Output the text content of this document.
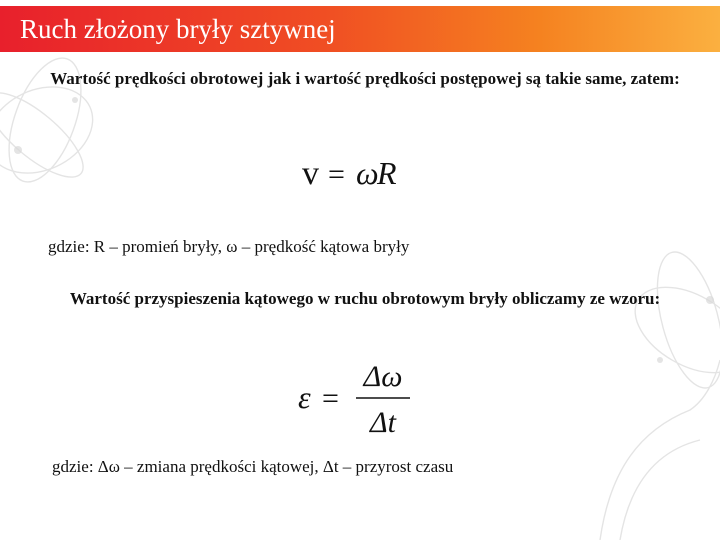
Ruch złożony bryły sztywnej
Wartość prędkości obrotowej jak i wartość prędkości postępowej są takie same, zatem:
v = ω
R
gdzie: R – promień bryły, ω – prędkość kątowa bryły
Wartość przyspieszenia kątowego w ruchu obrotowym bryły obliczamy ze wzoru:
ε =
Δω
Δt
gdzie: Δω – zmiana prędkości kątowej, Δt – przyrost czasu
